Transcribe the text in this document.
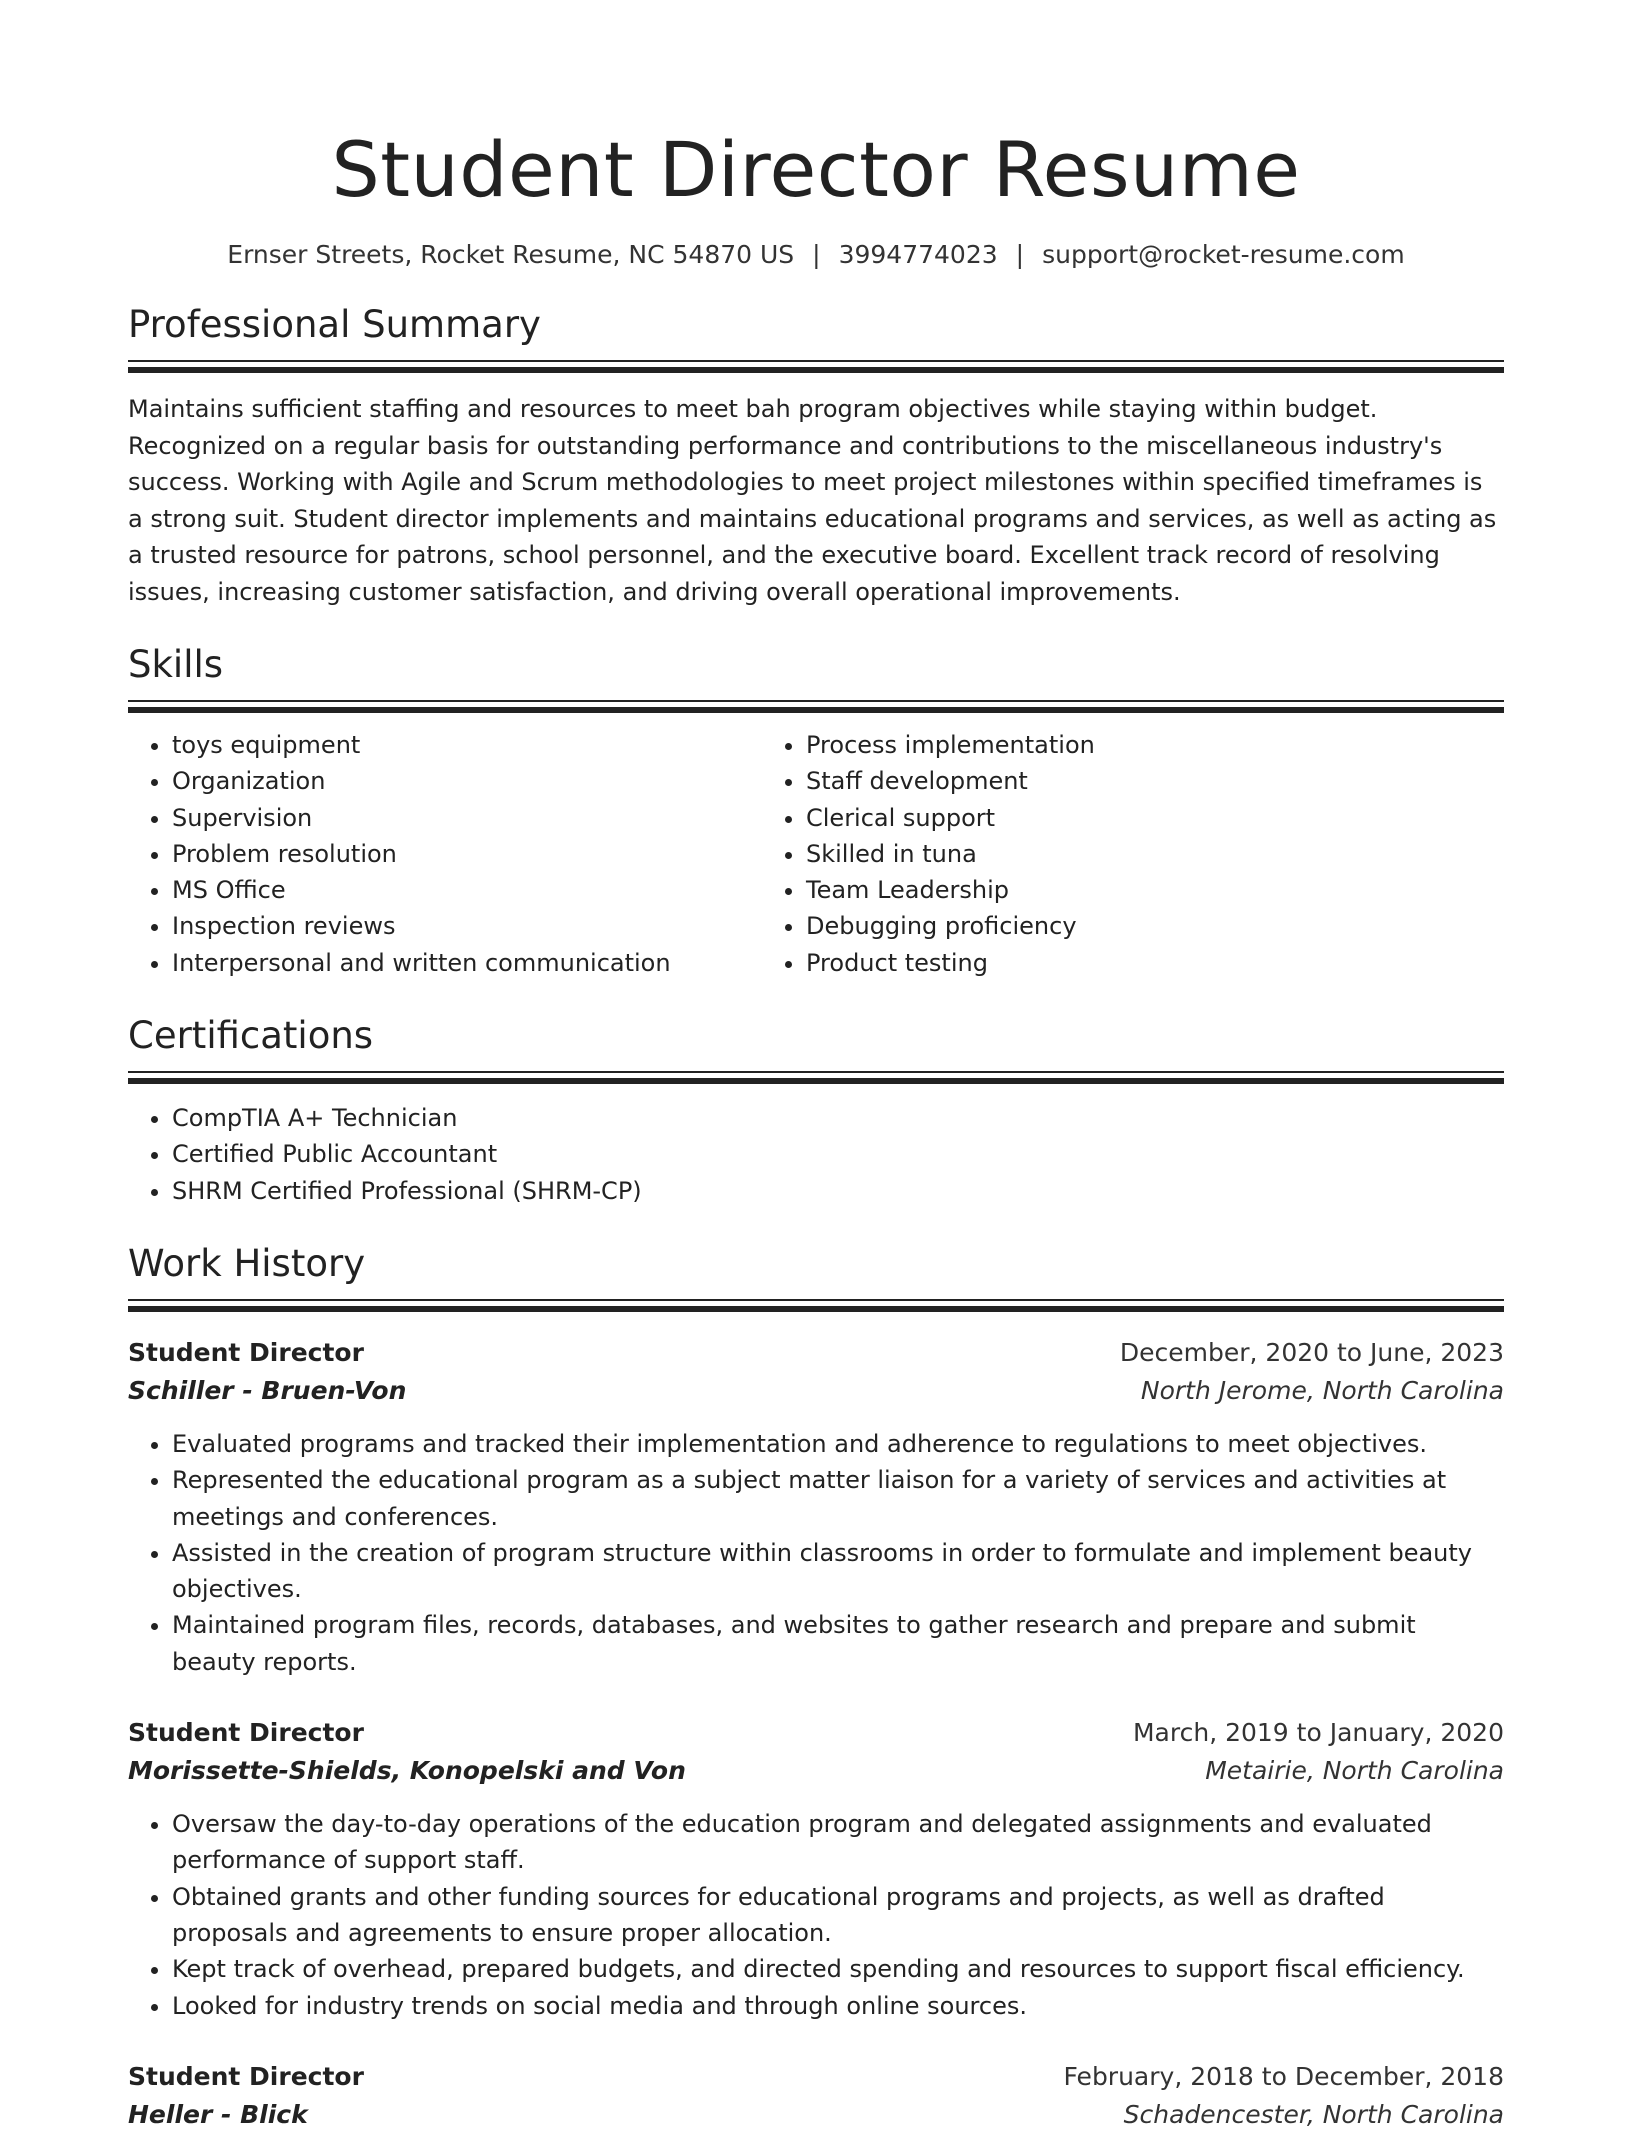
Student Director Resume
Ernser Streets, Rocket Resume, NC 54870 US | 3994774023 | support@rocket-resume.com
Professional Summary

Maintains sufficient staffing and resources to meet bah program objectives while staying within budget. Recognized on a regular basis for outstanding performance and contributions to the miscellaneous industry's success. Working with Agile and Scrum methodologies to meet project milestones within specified timeframes is a strong suit. Student director implements and maintains educational programs and services, as well as acting as a trusted resource for patrons, school personnel, and the executive board. Excellent track record of resolving issues, increasing customer satisfaction, and driving overall operational improvements.

Skills
• toys equipment
• Organization
• Supervision
• Problem resolution
• MS Office
• Inspection reviews
• Interpersonal and written communication
• Process implementation
• Staff development
• Clerical support
• Skilled in tuna
• Team Leadership
• Debugging proficiency
• Product testing
Certifications
• CompTIA A+ Technician
• Certified Public Accountant
• SHRM Certified Professional (SHRM-CP)
Work History
Student Director	December, 2020 to June, 2023
Schiller - Bruen-Von	North Jerome, North Carolina
• Evaluated programs and tracked their implementation and adherence to regulations to meet objectives.
• Represented the educational program as a subject matter liaison for a variety of services and activities at meetings and conferences.
• Assisted in the creation of program structure within classrooms in order to formulate and implement beauty objectives.
• Maintained program files, records, databases, and websites to gather research and prepare and submit beauty reports.
Student Director	March, 2019 to January, 2020
Morissette-Shields, Konopelski and Von	Metairie, North Carolina
• Oversaw the day-to-day operations of the education program and delegated assignments and evaluated performance of support staff.
• Obtained grants and other funding sources for educational programs and projects, as well as drafted proposals and agreements to ensure proper allocation.
• Kept track of overhead, prepared budgets, and directed spending and resources to support fiscal efficiency.
• Looked for industry trends on social media and through online sources.
Student Director	February, 2018 to December, 2018
Heller - Blick	Schadencester, North Carolina
